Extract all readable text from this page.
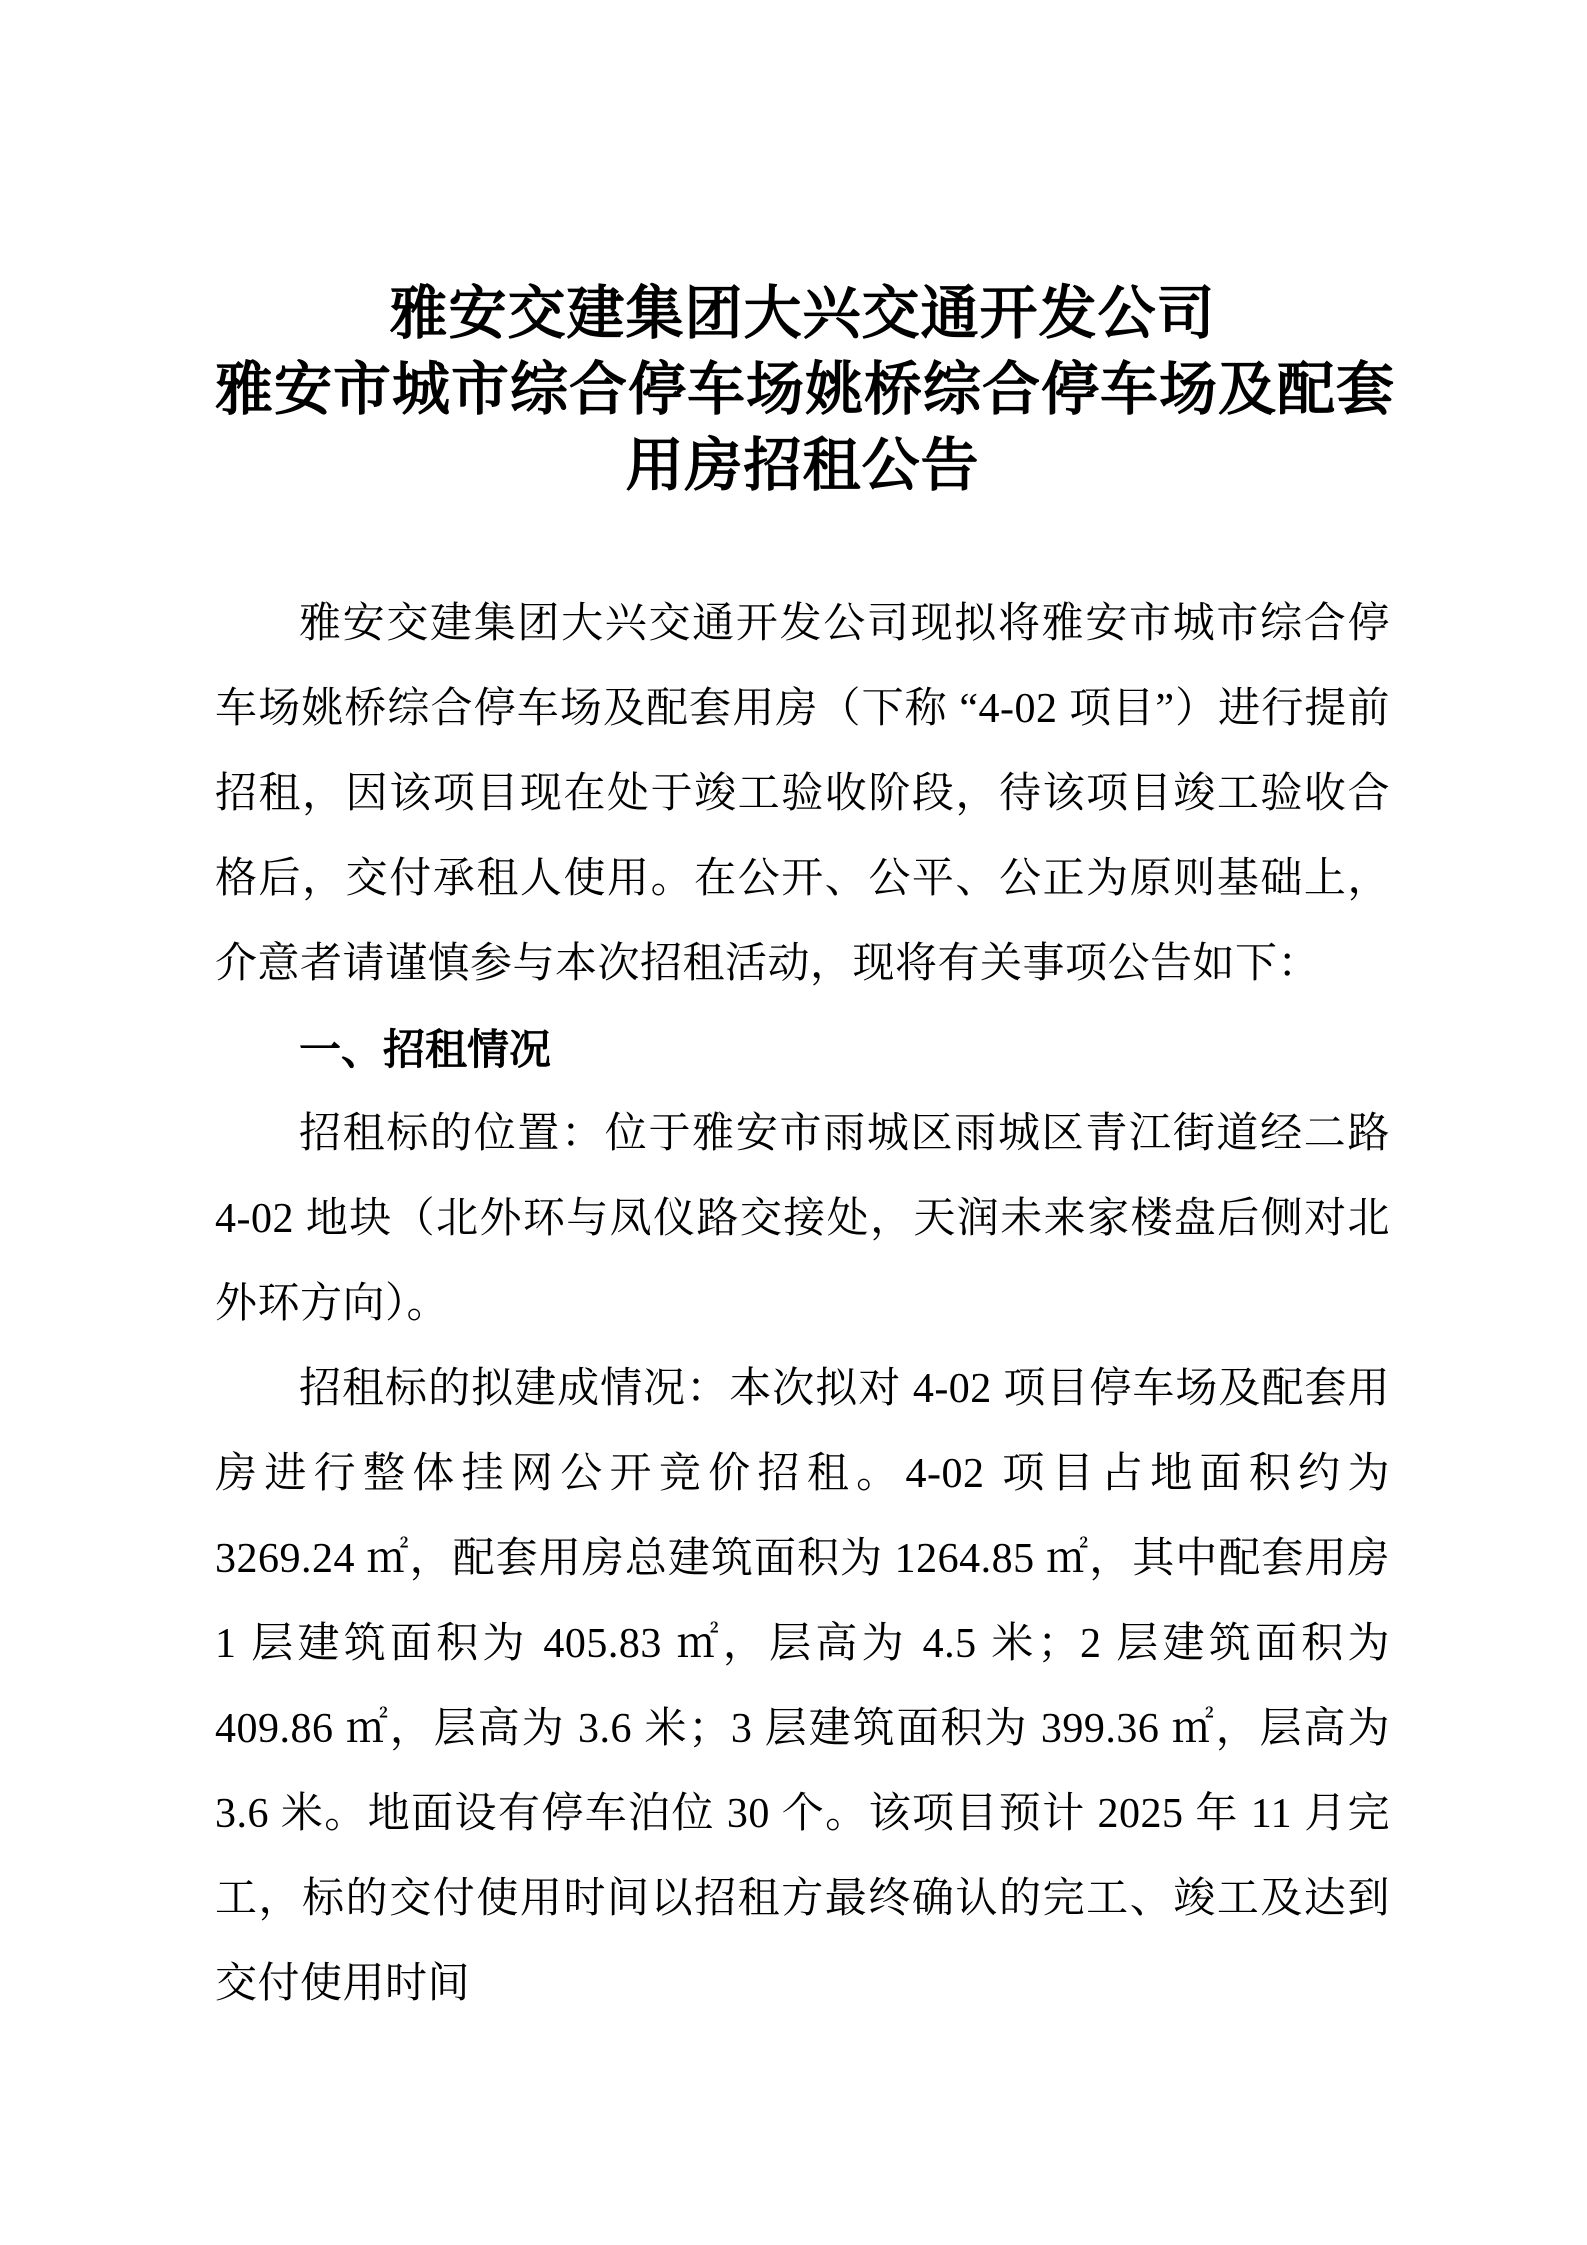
雅安交建集团大兴交通开发公司
雅安市城市综合停车场姚桥综合停车场及配套
用房招租公告

雅安交建集团大兴交通开发公司现拟将雅安市城市综合停车场姚桥综合停车场及配套用房（下称 “4-02 项目”）进行提前招租，因该项目现在处于竣工验收阶段，待该项目竣工验收合格后，交付承租人使用。在公开、公平、公正为原则基础上，介意者请谨慎参与本次招租活动，现将有关事项公告如下：

一、招租情况

招租标的位置：位于雅安市雨城区雨城区青江街道经二路 4-02 地块（北外环与凤仪路交接处，天润未来家楼盘后侧对北外环方向）。

招租标的拟建成情况：本次拟对 4-02 项目停车场及配套用房进行整体挂网公开竞价招租。4-02 项目占地面积约为 3269.24 ㎡，配套用房总建筑面积为 1264.85 ㎡，其中配套用房 1 层建筑面积为 405.83 ㎡，层高为 4.5 米；2 层建筑面积为 409.86 ㎡，层高为 3.6 米；3 层建筑面积为 399.36 ㎡，层高为 3.6 米。地面设有停车泊位 30 个。该项目预计 2025 年 11 月完工，标的交付使用时间以招租方最终确认的完工、竣工及达到交付使用时间
